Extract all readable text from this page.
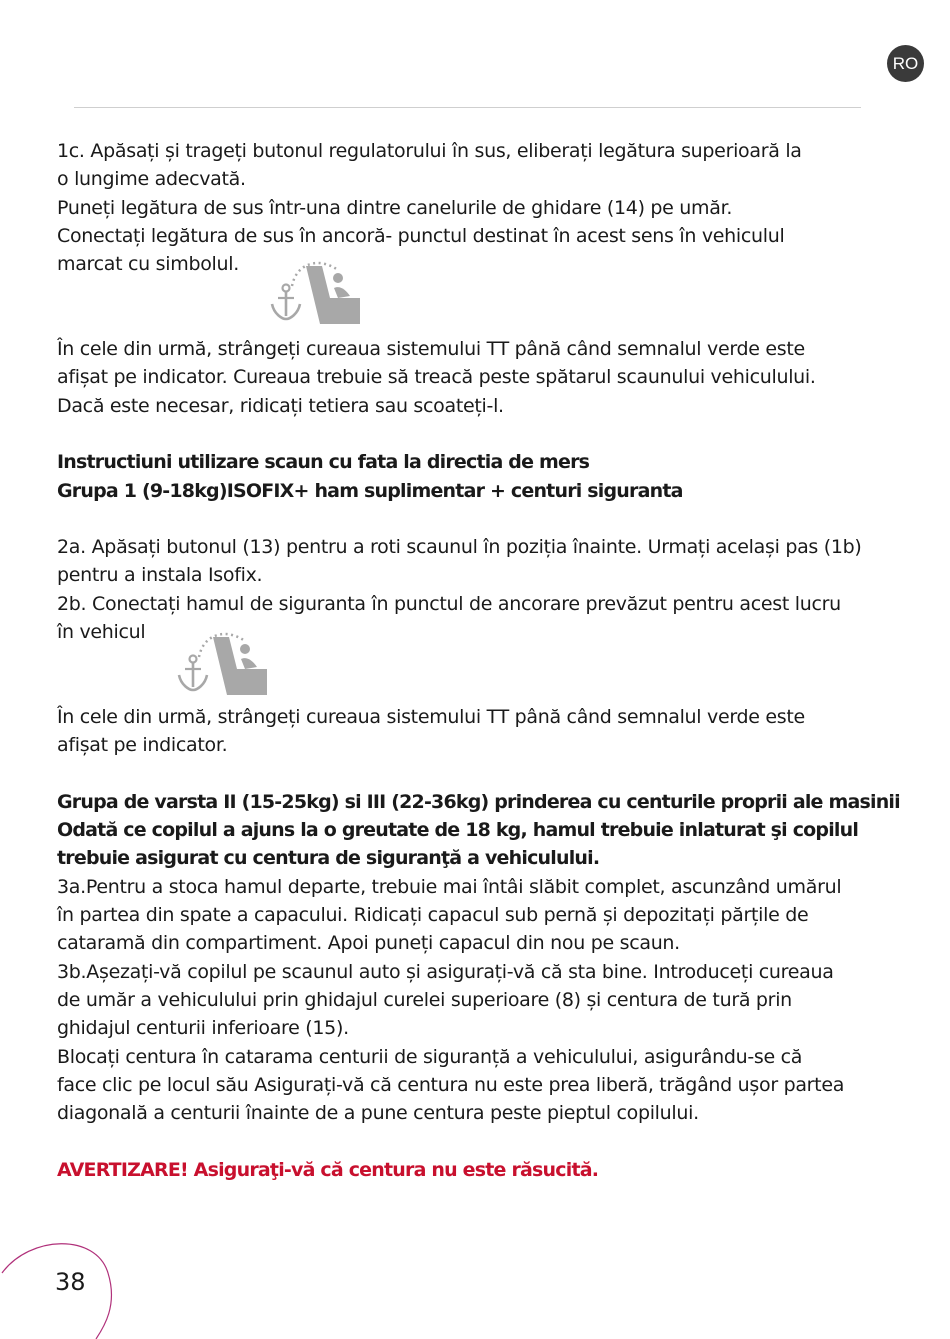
RO

1c. Apăsați și trageți butonul regulatorului în sus, eliberați legătura superioară la
o lungime adecvată.
Puneți legătura de sus într-una dintre canelurile de ghidare (14) pe umăr.
Conectați legătura de sus în ancoră- punctul destinat în acest sens în vehiculul
marcat cu simbolul.

În cele din urmă, strângeți cureaua sistemului TT până când semnalul verde este
afișat pe indicator. Cureaua trebuie să treacă peste spătarul scaunului vehiculului.
Dacă este necesar, ridicați tetiera sau scoateți-l.

Instructiuni utilizare scaun cu fata la directia de mers
Grupa 1 (9-18kg)ISOFIX+ ham suplimentar + centuri siguranta

2a. Apăsați butonul (13) pentru a roti scaunul în poziția înainte. Urmați același pas (1b)
pentru a instala Isofix.
2b. Conectați hamul de siguranta în punctul de ancorare prevăzut pentru acest lucru
în vehicul

În cele din urmă, strângeți cureaua sistemului TT până când semnalul verde este
afișat pe indicator.

Grupa de varsta II (15-25kg) si III (22-36kg) prinderea cu centurile proprii ale masinii
Odată ce copilul a ajuns la o greutate de 18 kg, hamul trebuie inlaturat şi copilul
trebuie asigurat cu centura de siguranţă a vehiculului.

3a.Pentru a stoca hamul departe, trebuie mai întâi slăbit complet, ascunzând umărul
în partea din spate a capacului. Ridicați capacul sub pernă și depozitați părțile de
cataramă din compartiment. Apoi puneți capacul din nou pe scaun.
3b.Așezați-vă copilul pe scaunul auto și asigurați-vă că sta bine. Introduceți cureaua
de umăr a vehiculului prin ghidajul curelei superioare (8) și centura de tură prin
ghidajul centurii inferioare (15).
Blocați centura în catarama centurii de siguranță a vehiculului, asigurându-se că
face clic pe locul său Asigurați-vă că centura nu este prea liberă, trăgând ușor partea
diagonală a centurii înainte de a pune centura peste pieptul copilului.

AVERTIZARE! Asiguraţi-vă că centura nu este răsucită.

38
